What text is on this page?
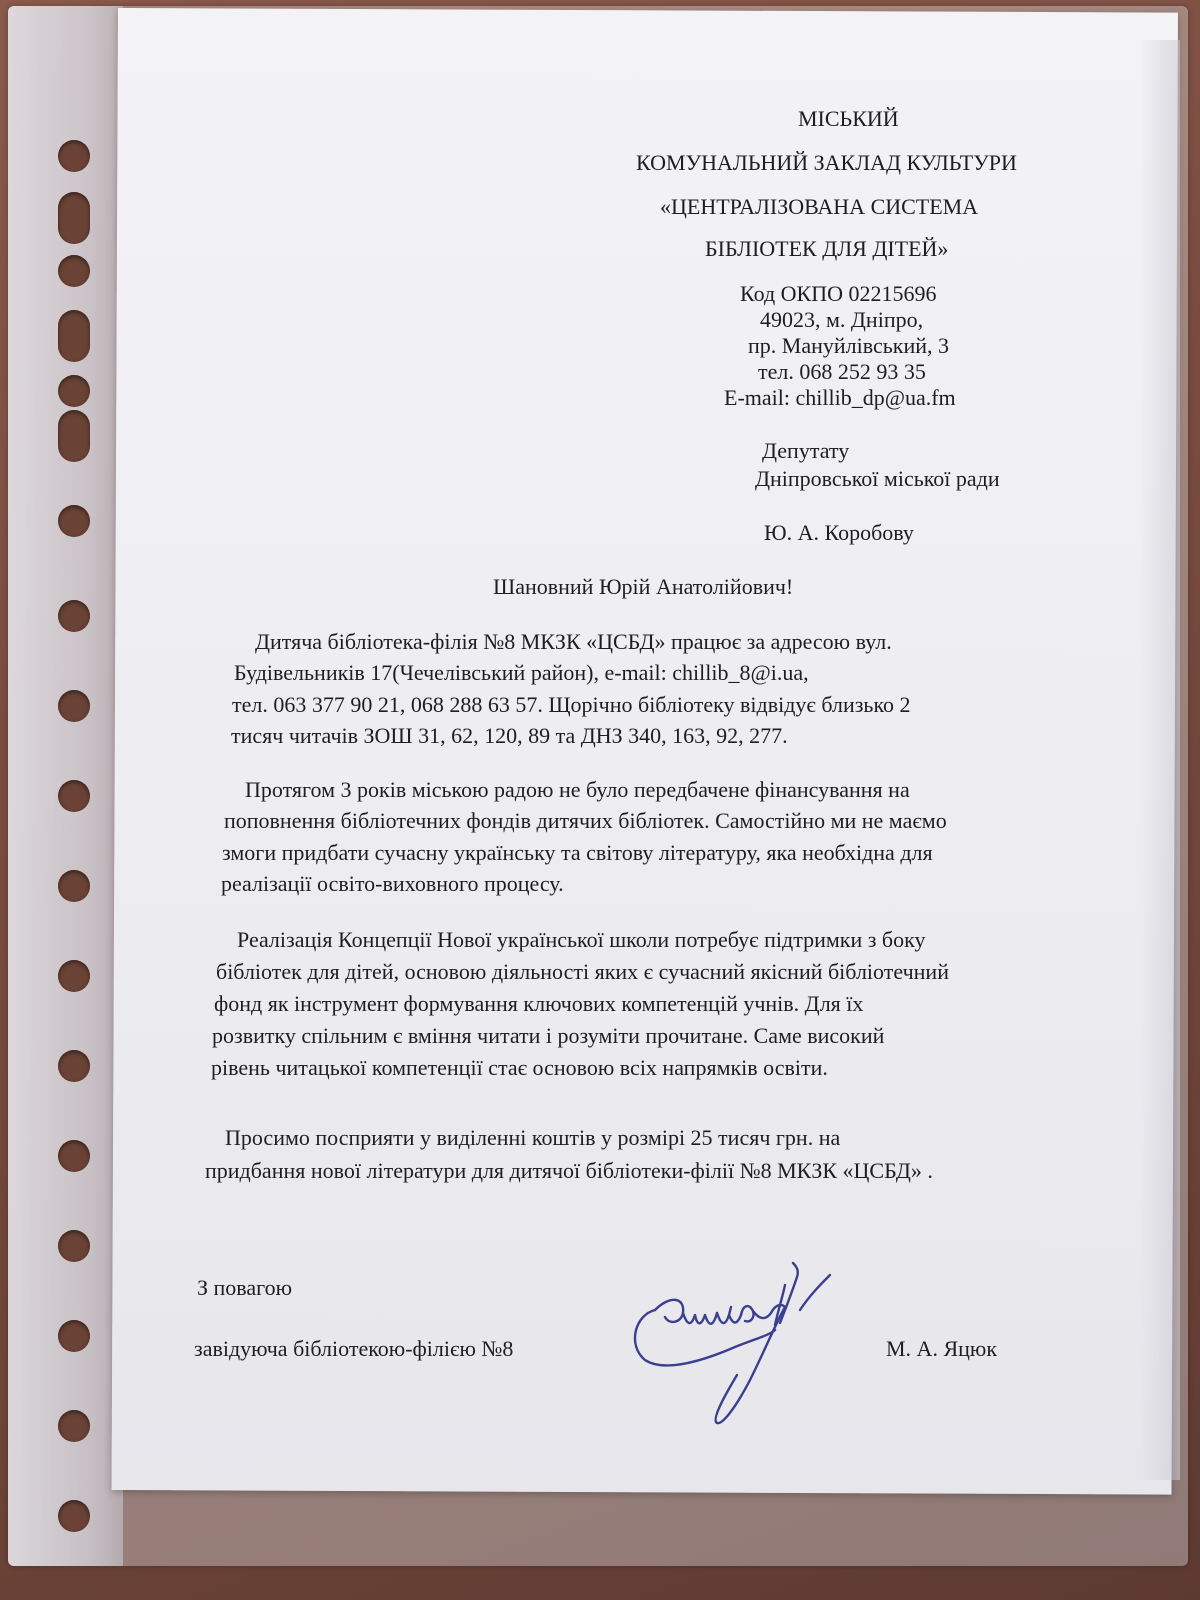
МІСЬКИЙ
КОМУНАЛЬНИЙ ЗАКЛАД КУЛЬТУРИ
«ЦЕНТРАЛІЗОВАНА СИСТЕМА
БІБЛІОТЕК ДЛЯ ДІТЕЙ»
Код ОКПО 02215696
49023, м. Дніпро,
пр. Мануйлівський, 3
тел. 068 252 93 35
E-mail: chillib_dp@ua.fm
Депутату
Дніпровської міської ради
Ю. А. Коробову
Шановний Юрій Анатолійович!
Дитяча бібліотека-філія №8 МКЗК «ЦСБД» працює за адресою вул.
Будівельників 17(Чечелівський район), e-mail: chillib_8@i.ua,
тел. 063 377 90 21, 068 288 63 57. Щорічно бібліотеку відвідує близько 2
тисяч читачів ЗОШ 31, 62, 120, 89 та ДНЗ 340, 163, 92, 277.
Протягом 3 років міською радою не було передбачене фінансування на
поповнення бібліотечних фондів дитячих бібліотек. Самостійно ми не маємо
змоги придбати сучасну українську та світову літературу, яка необхідна для
реалізації освіто-виховного процесу.
Реалізація Концепції Нової української школи потребує підтримки з боку
бібліотек для дітей, основою діяльності яких є сучасний якісний бібліотечний
фонд як інструмент формування ключових компетенцій учнів. Для їх
розвитку спільним є вміння читати і розуміти прочитане. Саме високий
рівень читацької компетенції стає основою всіх напрямків освіти.
Просимо посприяти у виділенні коштів у розмірі 25 тисяч грн. на
придбання нової літератури для дитячої бібліотеки-філії №8 МКЗК «ЦСБД» .
З повагою
завідуюча бібліотекою-філією №8	М. А. Яцюк
